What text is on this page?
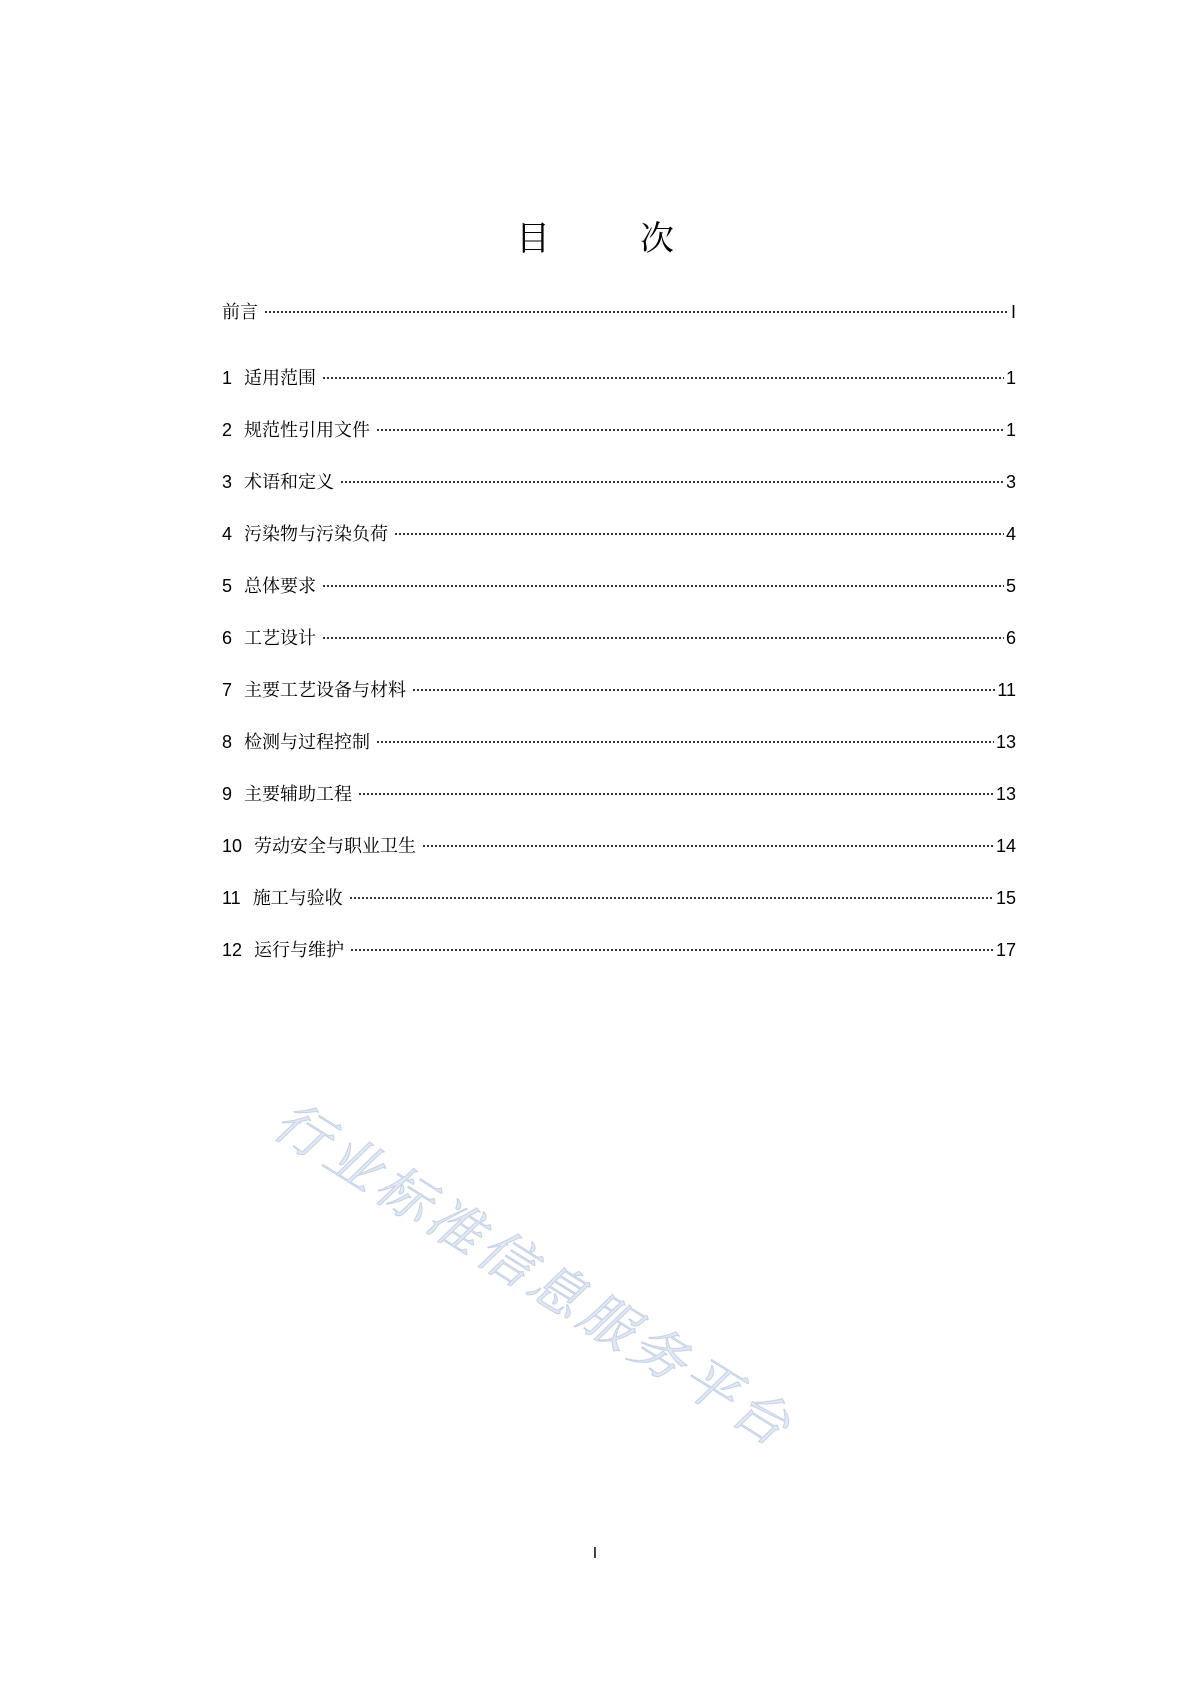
目　次
前言	I
1 适用范围	1
2 规范性引用文件	1
3 术语和定义	3
4 污染物与污染负荷	4
5 总体要求	5
6 工艺设计	6
7 主要工艺设备与材料	11
8 检测与过程控制	13
9 主要辅助工程	13
10 劳动安全与职业卫生	14
11 施工与验收	15
12 运行与维护	17
行业标准信息服务平台
I
